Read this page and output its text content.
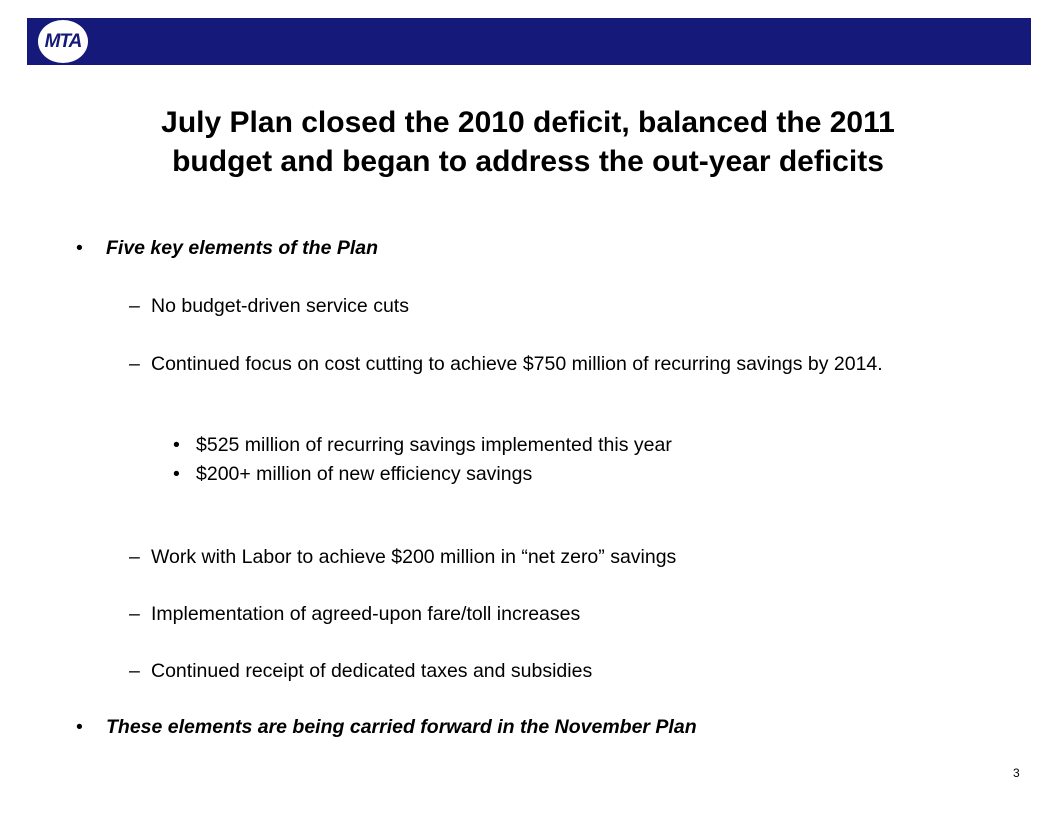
MTA
July Plan closed the 2010 deficit, balanced the 2011
budget and began to address the out-year deficits
• Five key elements of the Plan
– No budget-driven service cuts
– Continued focus on cost cutting to achieve $750 million of recurring savings by 2014.
• $525 million of recurring savings implemented this year
• $200+ million of new efficiency savings
– Work with Labor to achieve $200 million in “net zero” savings
– Implementation of agreed-upon fare/toll increases
– Continued receipt of dedicated taxes and subsidies
• These elements are being carried forward in the November Plan
3
